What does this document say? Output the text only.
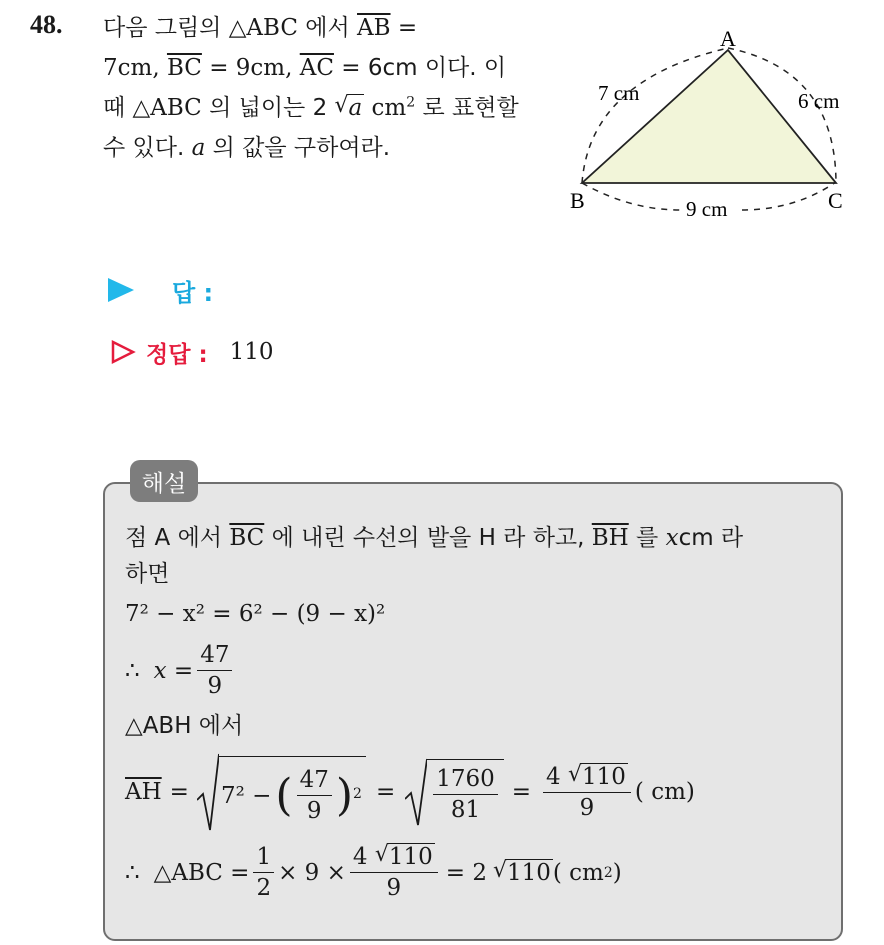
48. 다음 그림의 △ABC 에서 $\overline{AB}$ =
7cm, $\overline{BC} = 9cm$, $\overline{AC} = 6cm$ 이다. 이
때 △ABC 의 넓이는 2 √ a $cm^2$ 로 표현할
수 있다. a 의 값을 구하여라.
A
B	C
7 cm	6 cm
9 cm
답 :
정답 : 110
해설
점 A 에서 $\overline{BC}$ 에 내린 수선의 발을 H 라 하고, $\overline{BH}$ 를 xcm 라
하면
7² − x² = 6² − (9 − x)²
∴ $x = \frac{47}{9}$
△ABH 에서
$\overline{AH} = 7^2$ − ( $\frac{47}{9}$ ) $2 = \frac{1760}{81} = \frac{4 √ 110}{9}$ ( cm)
∴ △ABC = $\frac{1}{2} \times 9 \times \frac{4 √ 110}{9} = 2$ √ 110 ( cm 2 )
